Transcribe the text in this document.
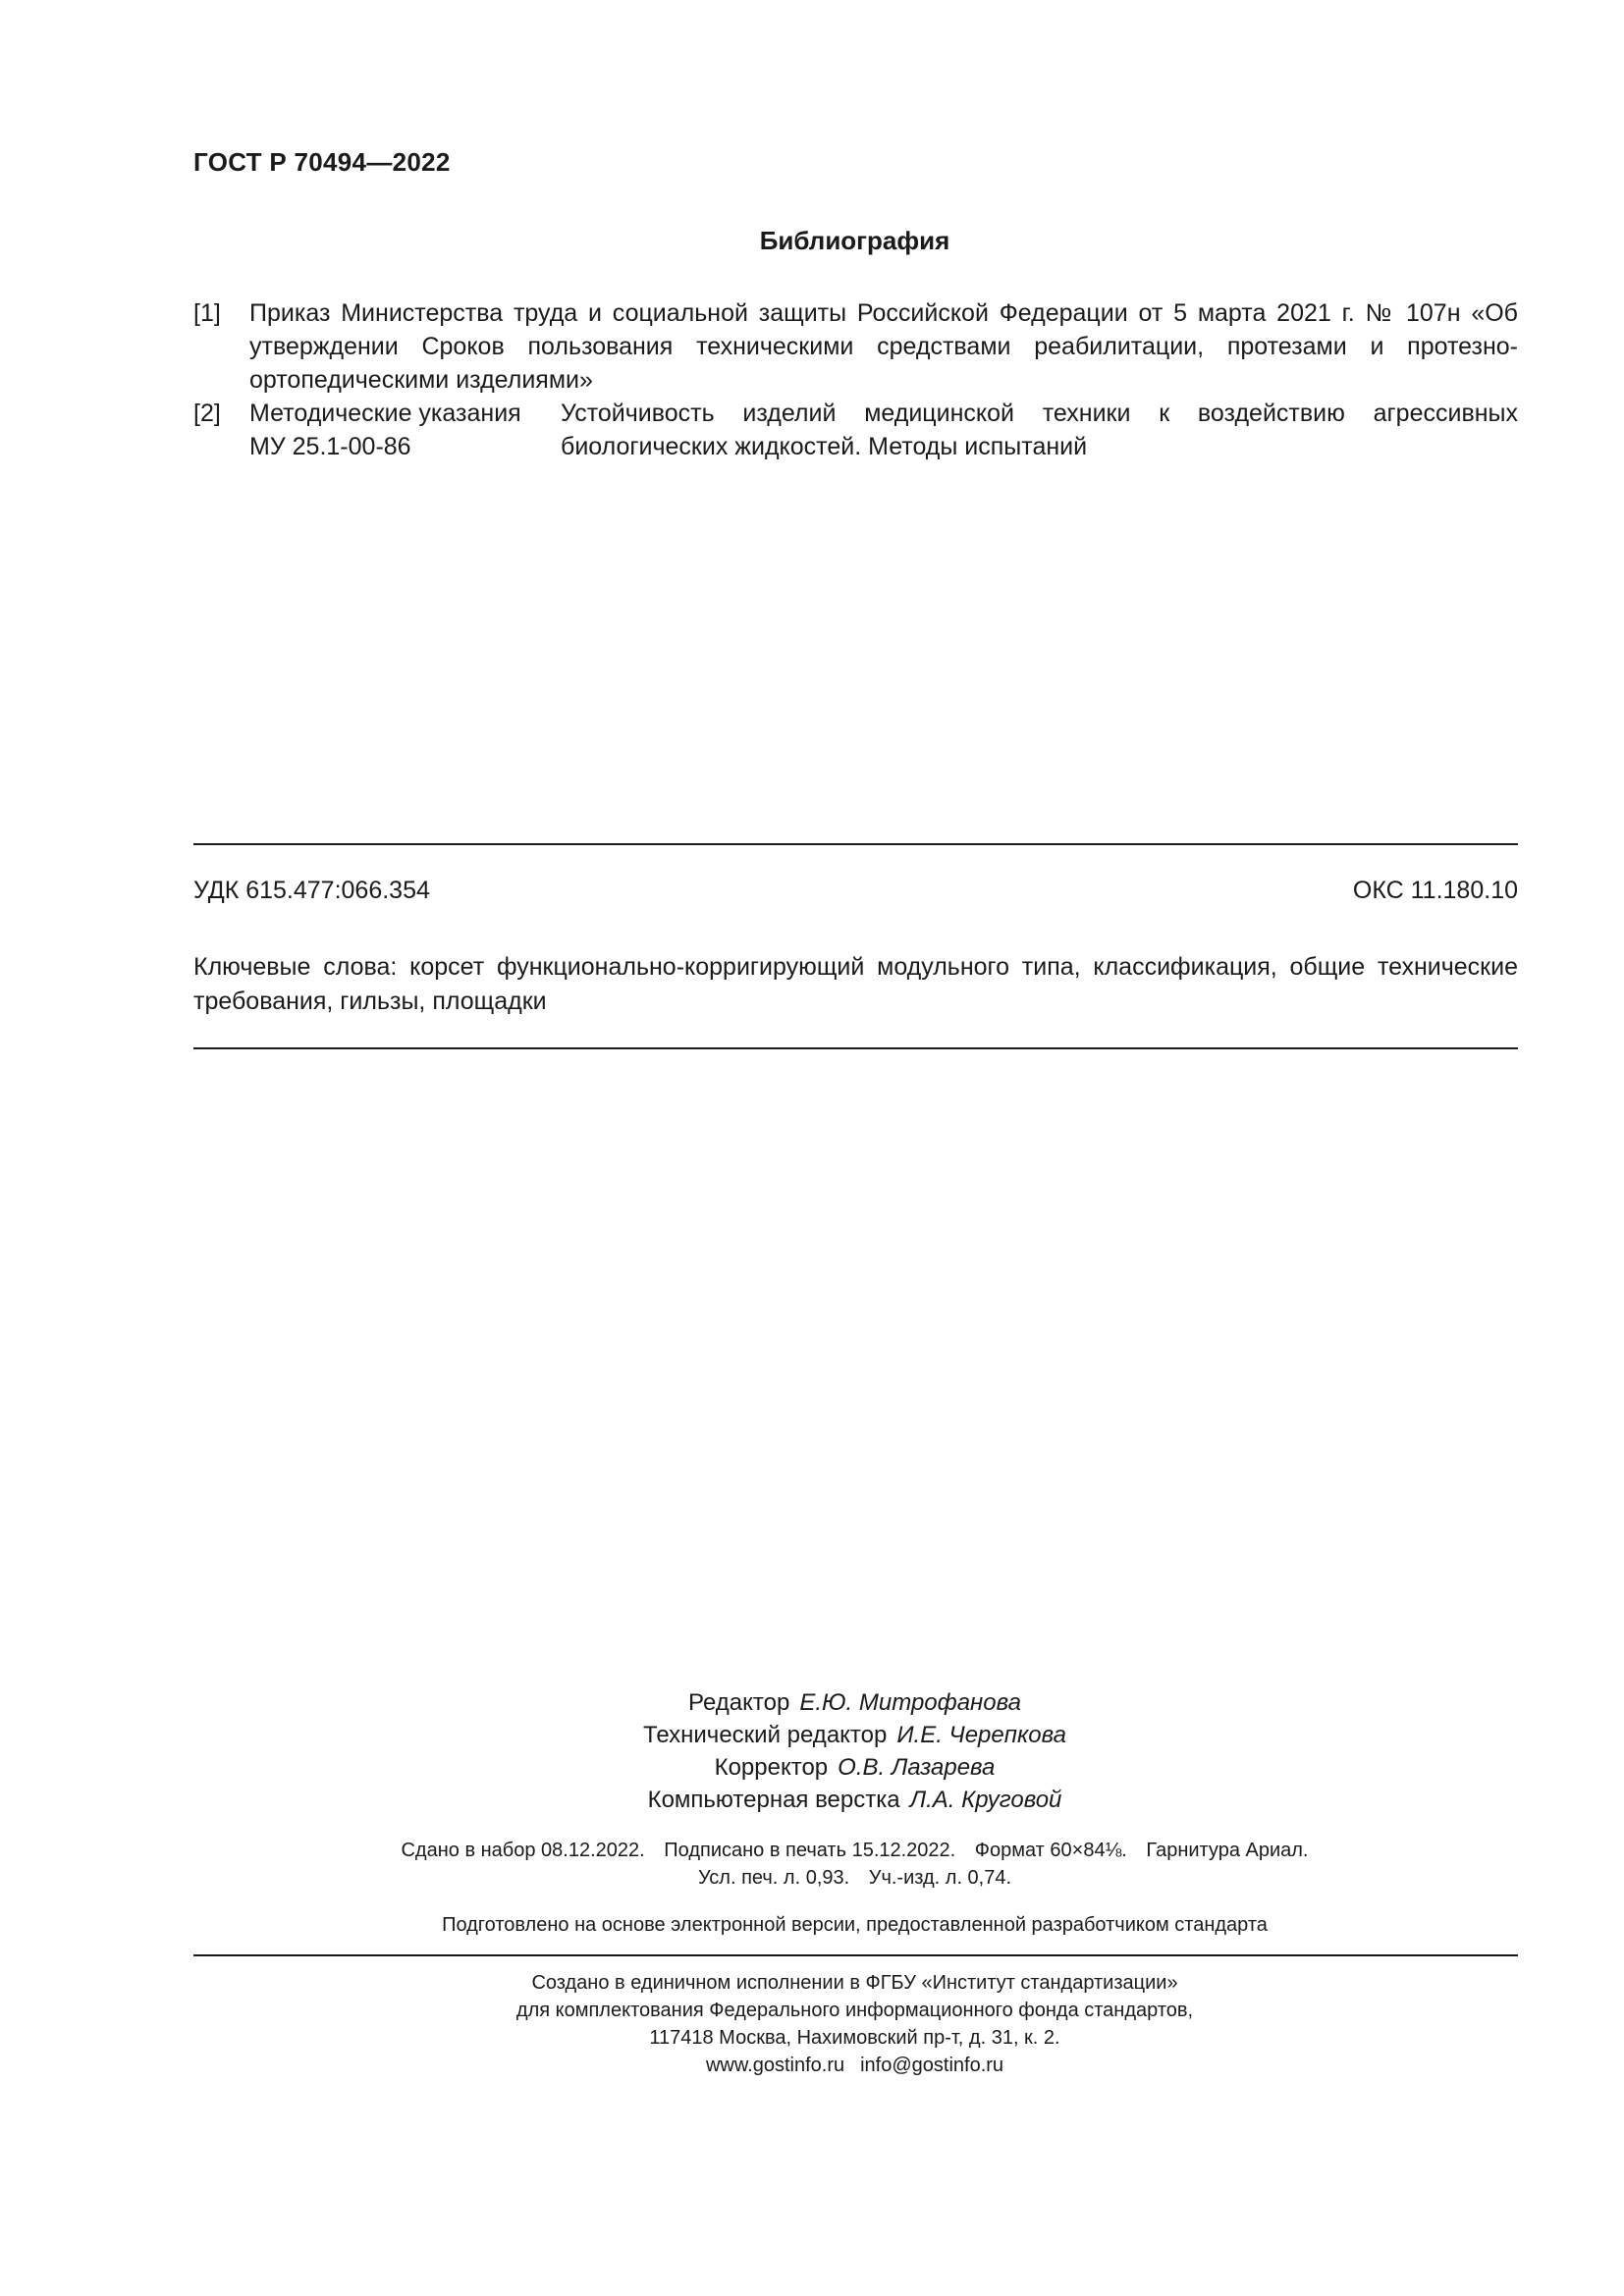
ГОСТ Р 70494—2022
Библиография
[1] Приказ Министерства труда и социальной защиты Российской Федерации от 5 марта 2021 г. № 107н «Об утверждении Сроков пользования техническими средствами реабилитации, протезами и протезно-ортопедическими изделиями»
[2] Методические указания
МУ 25.1-00-86
Устойчивость изделий медицинской техники к воздействию агрессивных биологических жидкостей. Методы испытаний
УДК 615.477:066.354	ОКС 11.180.10
Ключевые слова: корсет функционально-корригирующий модульного типа, классификация, общие технические требования, гильзы, площадки
Редактор Е.Ю. Митрофанова
Технический редактор И.Е. Черепкова
Корректор О.В. Лазарева
Компьютерная верстка Л.А. Круговой
Сдано в набор 08.12.2022. Подписано в печать 15.12.2022. Формат 60×84⅛. Гарнитура Ариал.
Усл. печ. л. 0,93. Уч.-изд. л. 0,74.
Подготовлено на основе электронной версии, предоставленной разработчиком стандарта
Создано в единичном исполнении в ФГБУ «Институт стандартизации»
для комплектования Федерального информационного фонда стандартов,
117418 Москва, Нахимовский пр-т, д. 31, к. 2.
www.gostinfo.ru info@gostinfo.ru
